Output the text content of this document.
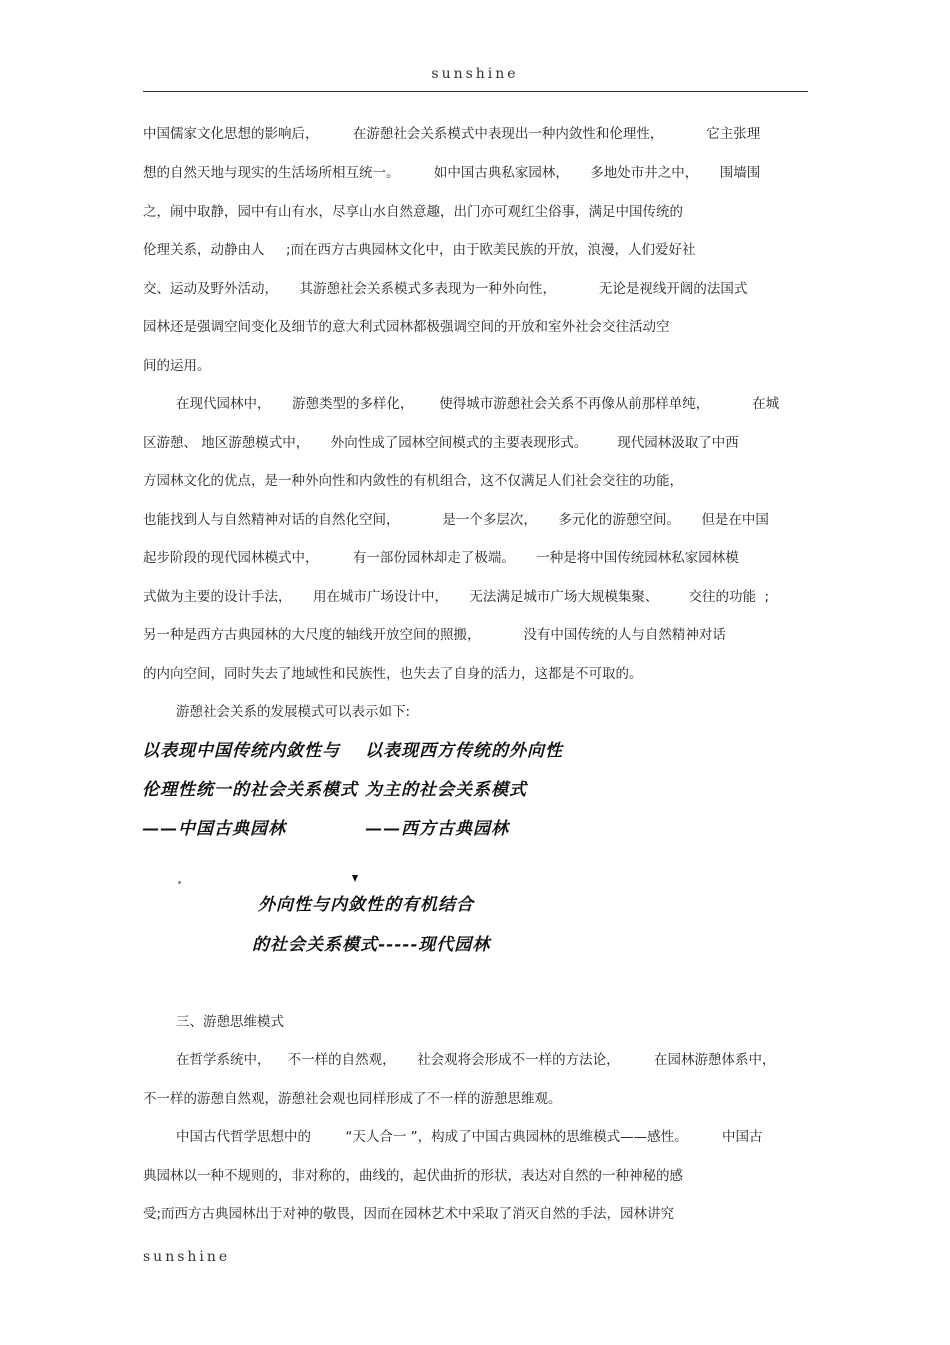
sunshine
中国儒家文化思想的影响后，        在游憩社会关系模式中表现出一种内敛性和伦理性，          它主张理
想的自然天地与现实的生活场所相互统一。        如中国古典私家园林，     多地处市井之中，     围墙围
之，闹中取静，园中有山有水，尽享山水自然意趣，出门亦可观红尘俗事，满足中国传统的
伦理关系，动静由人     ;而在西方古典园林文化中，由于欧美民族的开放，浪漫，人们爱好社
交、运动及野外活动，     其游憩社会关系模式多表现为一种外向性，          无论是视线开阔的法国式
园林还是强调空间变化及细节的意大利式园林都极强调空间的开放和室外社会交往活动空
间的运用。
在现代园林中，     游憩类型的多样化，      使得城市游憩社会关系不再像从前那样单纯，          在城
区游憩、 地区游憩模式中，     外向性成了园林空间模式的主要表现形式。       现代园林汲取了中西
方园林文化的优点，是一种外向性和内敛性的有机组合，这不仅满足人们社会交往的功能，
也能找到人与自然精神对话的自然化空间，          是一个多层次，     多元化的游憩空间。     但是在中国
起步阶段的现代园林模式中，        有一部份园林却走了极端。     一种是将中国传统园林私家园林模
式做为主要的设计手法，     用在城市广场设计中，     无法满足城市广场大规模集聚、       交往的功能  ;
另一种是西方古典园林的大尺度的轴线开放空间的照搬，          没有中国传统的人与自然精神对话
的内向空间，同时失去了地域性和民族性，也失去了自身的活力，这都是不可取的。
游憩社会关系的发展模式可以表示如下:
以表现中国传统内敛性与
伦理性统一的社会关系模式
——中国古典园林
以表现西方传统的外向性
为主的社会关系模式
——西方古典园林
外向性与内敛性的有机结合
的社会关系模式-----现代园林
三、游憩思维模式
在哲学系统中，    不一样的自然观，     社会观将会形成不一样的方法论，        在园林游憩体系中，
不一样的游憩自然观，游憩社会观也同样形成了不一样的游憩思维观。
中国古代哲学思想中的        “天人合一 ”，构成了中国古典园林的思维模式——感性。        中国古
典园林以一种不规则的，非对称的，曲线的，起伏曲折的形状，表达对自然的一种神秘的感
受;而西方古典园林出于对神的敬畏，因而在园林艺术中采取了消灭自然的手法，园林讲究
sunshine
